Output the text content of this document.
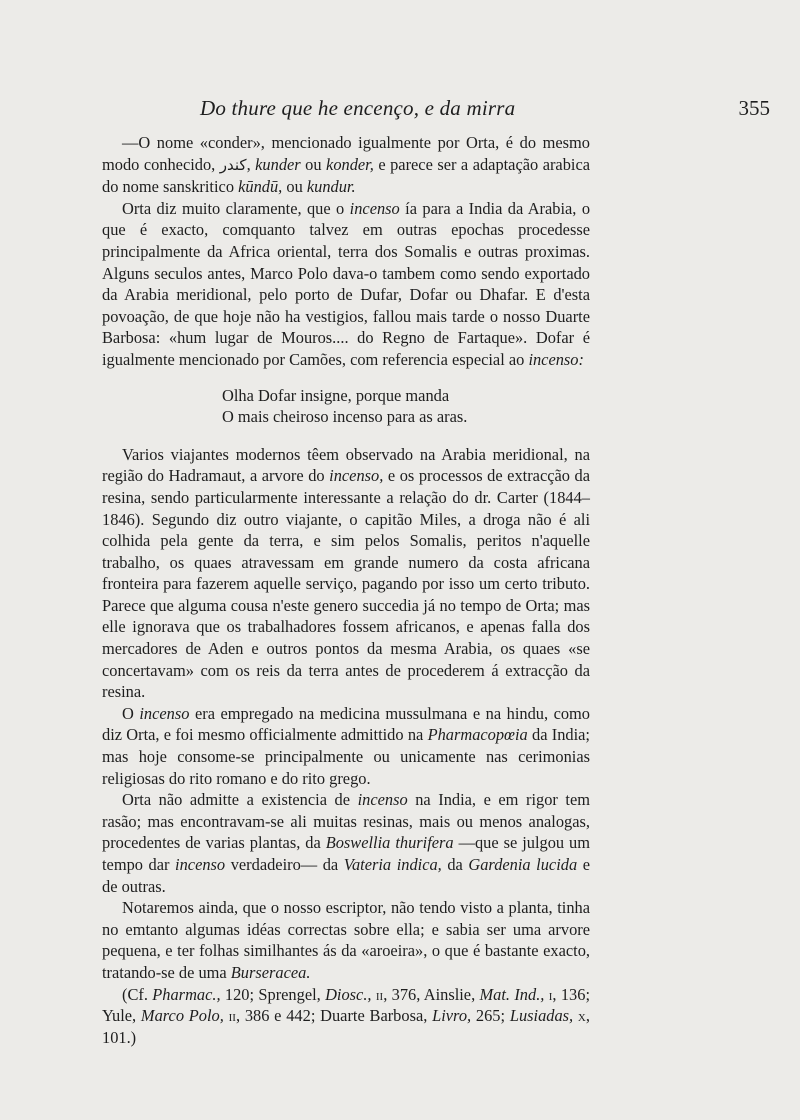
Do thure que he encenço, e da mirra	355

—O nome «conder», mencionado igualmente por Orta, é do mesmo modo conhecido, كندر, kunder ou konder, e parece ser a adaptação arabica do nome sanskritico kūndū, ou kundur.

Orta diz muito claramente, que o incenso ía para a India da Arabia, o que é exacto, comquanto talvez em outras epochas procedesse principalmente da Africa oriental, terra dos Somalis e outras proximas. Alguns seculos antes, Marco Polo dava-o tambem como sendo exportado da Arabia meridional, pelo porto de Dufar, Dofar ou Dhafar. E d'esta povoação, de que hoje não ha vestigios, fallou mais tarde o nosso Duarte Barbosa: «hum lugar de Mouros.... do Regno de Fartaque». Dofar é igualmente mencionado por Camões, com referencia especial ao incenso:

Olha Dofar insigne, porque manda
O mais cheiroso incenso para as aras.

Varios viajantes modernos têem observado na Arabia meridional, na região do Hadramaut, a arvore do incenso, e os processos de extracção da resina, sendo particularmente interessante a relação do dr. Carter (1844–1846). Segundo diz outro viajante, o capitão Miles, a droga não é ali colhida pela gente da terra, e sim pelos Somalis, peritos n'aquelle trabalho, os quaes atravessam em grande numero da costa africana fronteira para fazerem aquelle serviço, pagando por isso um certo tributo. Parece que alguma cousa n'este genero succedia já no tempo de Orta; mas elle ignorava que os trabalhadores fossem africanos, e apenas falla dos mercadores de Aden e outros pontos da mesma Arabia, os quaes «se concertavam» com os reis da terra antes de procederem á extracção da resina.

O incenso era empregado na medicina mussulmana e na hindu, como diz Orta, e foi mesmo officialmente admittido na Pharmacopœia da India; mas hoje consome-se principalmente ou unicamente nas cerimonias religiosas do rito romano e do rito grego.

Orta não admitte a existencia de incenso na India, e em rigor tem rasão; mas encontravam-se ali muitas resinas, mais ou menos analogas, procedentes de varias plantas, da Boswellia thurifera —que se julgou um tempo dar incenso verdadeiro— da Vateria indica, da Gardenia lucida e de outras.

Notaremos ainda, que o nosso escriptor, não tendo visto a planta, tinha no emtanto algumas idéas correctas sobre ella; e sabia ser uma arvore pequena, e ter folhas similhantes ás da «aroeira», o que é bastante exacto, tratando-se de uma Burseracea.

(Cf. Pharmac., 120; Sprengel, Diosc., ii, 376, Ainslie, Mat. Ind., i, 136; Yule, Marco Polo, ii, 386 e 442; Duarte Barbosa, Livro, 265; Lusiadas, x, 101.)
